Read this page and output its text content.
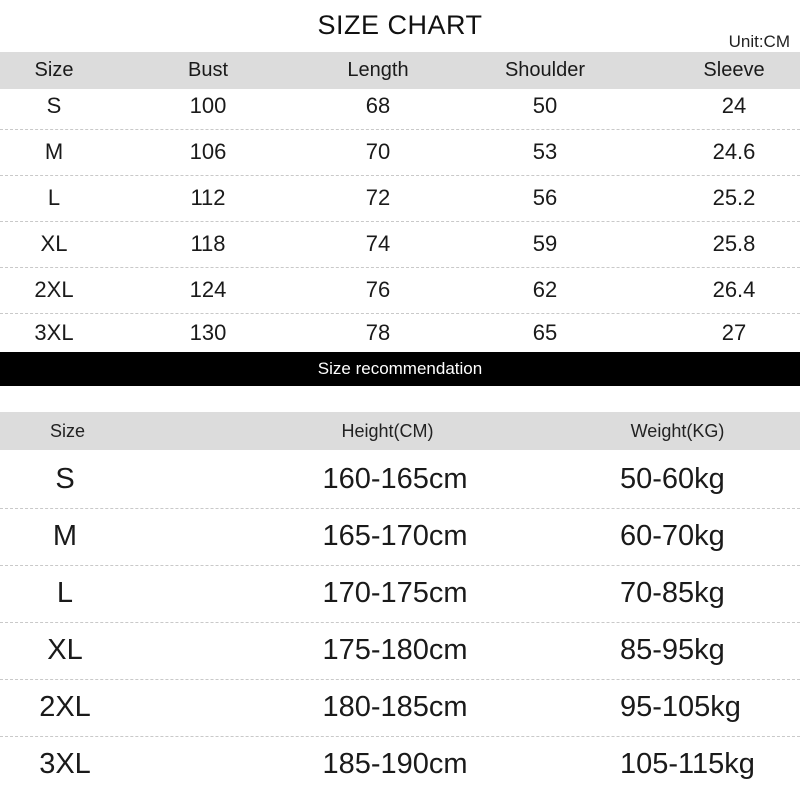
SIZE CHART
Unit:CM
Size	Bust	Length	Shoulder	Sleeve
S	100	68	50	24
M	106	70	53	24.6
L	112	72	56	25.2
XL	118	74	59	25.8
2XL	124	76	62	26.4
3XL	130	78	65	27
Size recommendation
Size	Height(CM)	Weight(KG)
S	160-165cm	50-60kg
M	165-170cm	60-70kg
L	170-175cm	70-85kg
XL	175-180cm	85-95kg
2XL	180-185cm	95-105kg
3XL	185-190cm	105-115kg
